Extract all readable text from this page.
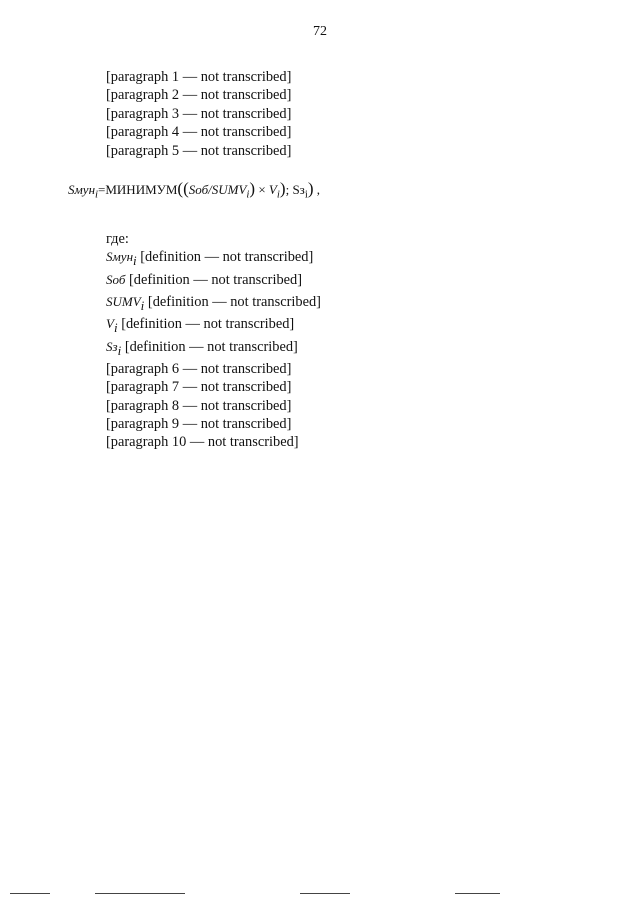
72

[paragraph 1 — not transcribed]

[paragraph 2 — not transcribed]

[paragraph 3 — not transcribed]

[paragraph 4 — not transcribed]

[paragraph 5 — not transcribed]

$Sмун_i=МИНИМУМ((Sоб/SUMV_i) \times V_i)$; $Sз_i$) ,

где:

Sмун$_i$ [definition — not transcribed]

Sоб [definition — not transcribed]

$SUMV_i$ [definition — not transcribed]

$V_i$ [definition — not transcribed]

$Sз_i$ [definition — not transcribed]

[paragraph 6 — not transcribed]

[paragraph 7 — not transcribed]

[paragraph 8 — not transcribed]

[paragraph 9 — not transcribed]

[paragraph 10 — not transcribed]
